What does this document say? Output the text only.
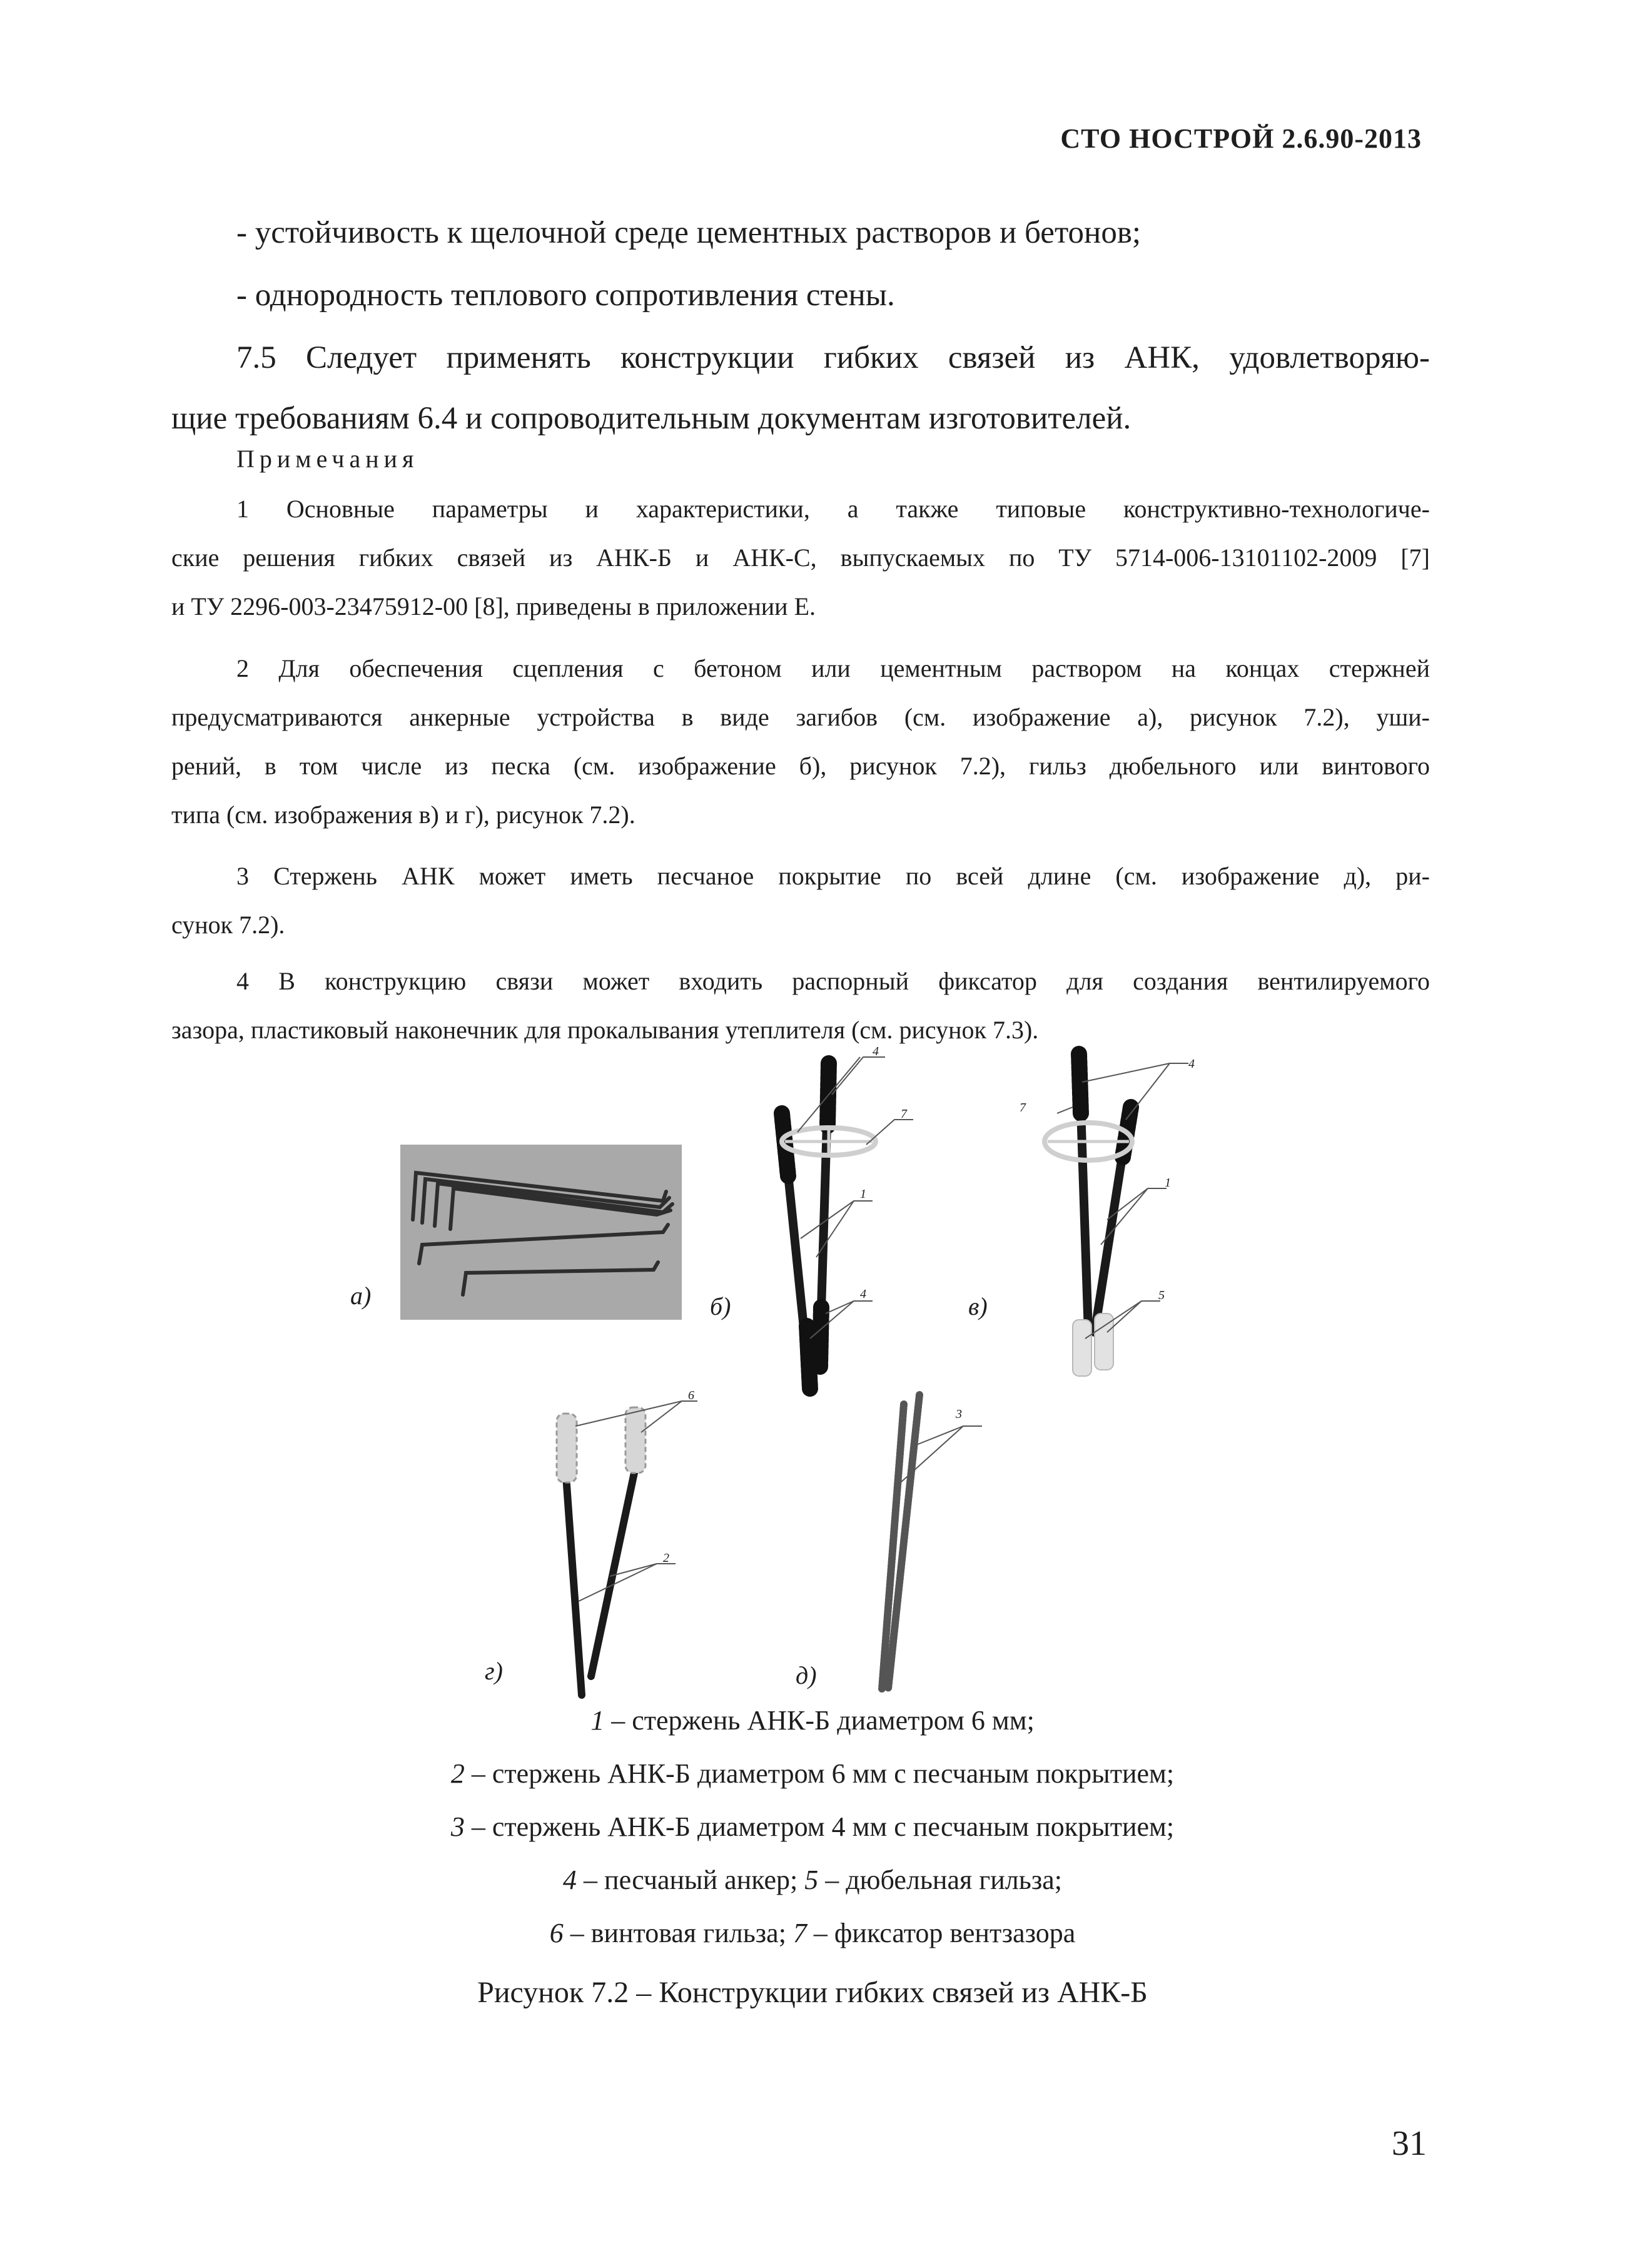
СТО НОСТРОЙ 2.6.90-2013
- устойчивость к щелочной среде цементных растворов и бетонов;
- однородность теплового сопротивления стены.
7.5 Следует применять конструкции гибких связей из АНК, удовлетворяю-
щие требованиям 6.4 и сопроводительным документам изготовителей.
Примечания
1 Основные параметры и характеристики, а также типовые конструктивно-технологиче-
ские решения гибких связей из АНК-Б и АНК-С, выпускаемых по ТУ 5714-006-13101102-2009 [7]
и ТУ 2296-003-23475912-00 [8], приведены в приложении Е.
2 Для обеспечения сцепления с бетоном или цементным раствором на концах стержней
предусматриваются анкерные устройства в виде загибов (см. изображение а), рисунок 7.2), уши-
рений, в том числе из песка (см. изображение б), рисунок 7.2), гильз дюбельного или винтового
типа (см. изображения в) и г), рисунок 7.2).
3 Стержень АНК может иметь песчаное покрытие по всей длине (см. изображение д), ри-
сунок 7.2).
4 В конструкцию связи может входить распорный фиксатор для создания вентилируемого
зазора, пластиковый наконечник для прокалывания утеплителя (см. рисунок 7.3).
4
7
1
4
4
7
1
5
6
2
3
а)	б)	в)
г)	д)
1 – стержень АНК-Б диаметром 6 мм;
2 – стержень АНК-Б диаметром 6 мм с песчаным покрытием;
3 – стержень АНК-Б диаметром 4 мм с песчаным покрытием;
4 – песчаный анкер; 5 – дюбельная гильза;
6 – винтовая гильза; 7 – фиксатор вентзазора
Рисунок 7.2 – Конструкции гибких связей из АНК-Б
31
